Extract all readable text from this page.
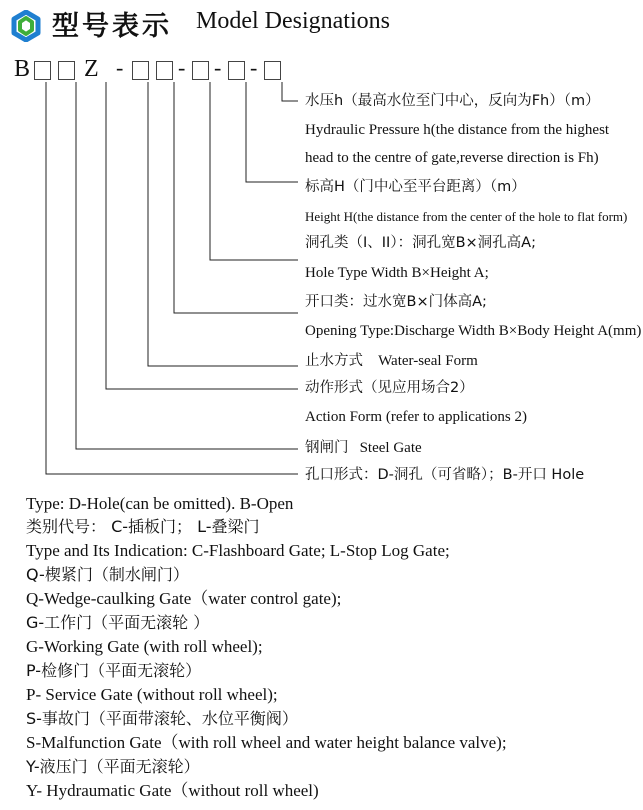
型号表示 Model Designations
B Z - - - -
水压h（最高水位至门中心，反向为Fh）（m）
Hydraulic Pressure h(the distance from the highest
head to the centre of gate,reverse direction is Fh)
标高H（门中心至平台距离）（m）
Height H(the distance from the center of the hole to flat form)
洞孔类（I、II）：洞孔宽B×洞孔高A;
Hole Type Width B×Height A;
开口类：过水宽B×门体高A;
Opening Type:Discharge Width B×Body Height A(mm)
止水方式 Water-seal Form
动作形式（见应用场合2）
Action Form (refer to applications 2)
钢闸门 Steel Gate
孔口形式：D-洞孔（可省略）；B-开口 Hole
Type: D-Hole(can be omitted). B-Open
类别代号： C-插板门； L-叠梁门
Type and Its Indication: C-Flashboard Gate; L-Stop Log Gate;
Q-楔紧门（制水闸门）
Q-Wedge-caulking Gate（water control gate);
G-工作门（平面无滚轮 ）
G-Working Gate (with roll wheel);
P-检修门（平面无滚轮）
P- Service Gate (without roll wheel);
S-事故门（平面带滚轮、水位平衡阀）
S-Malfunction Gate（with roll wheel and water height balance valve);
Y-液压门（平面无滚轮）
Y- Hydraumatic Gate（without roll wheel)
